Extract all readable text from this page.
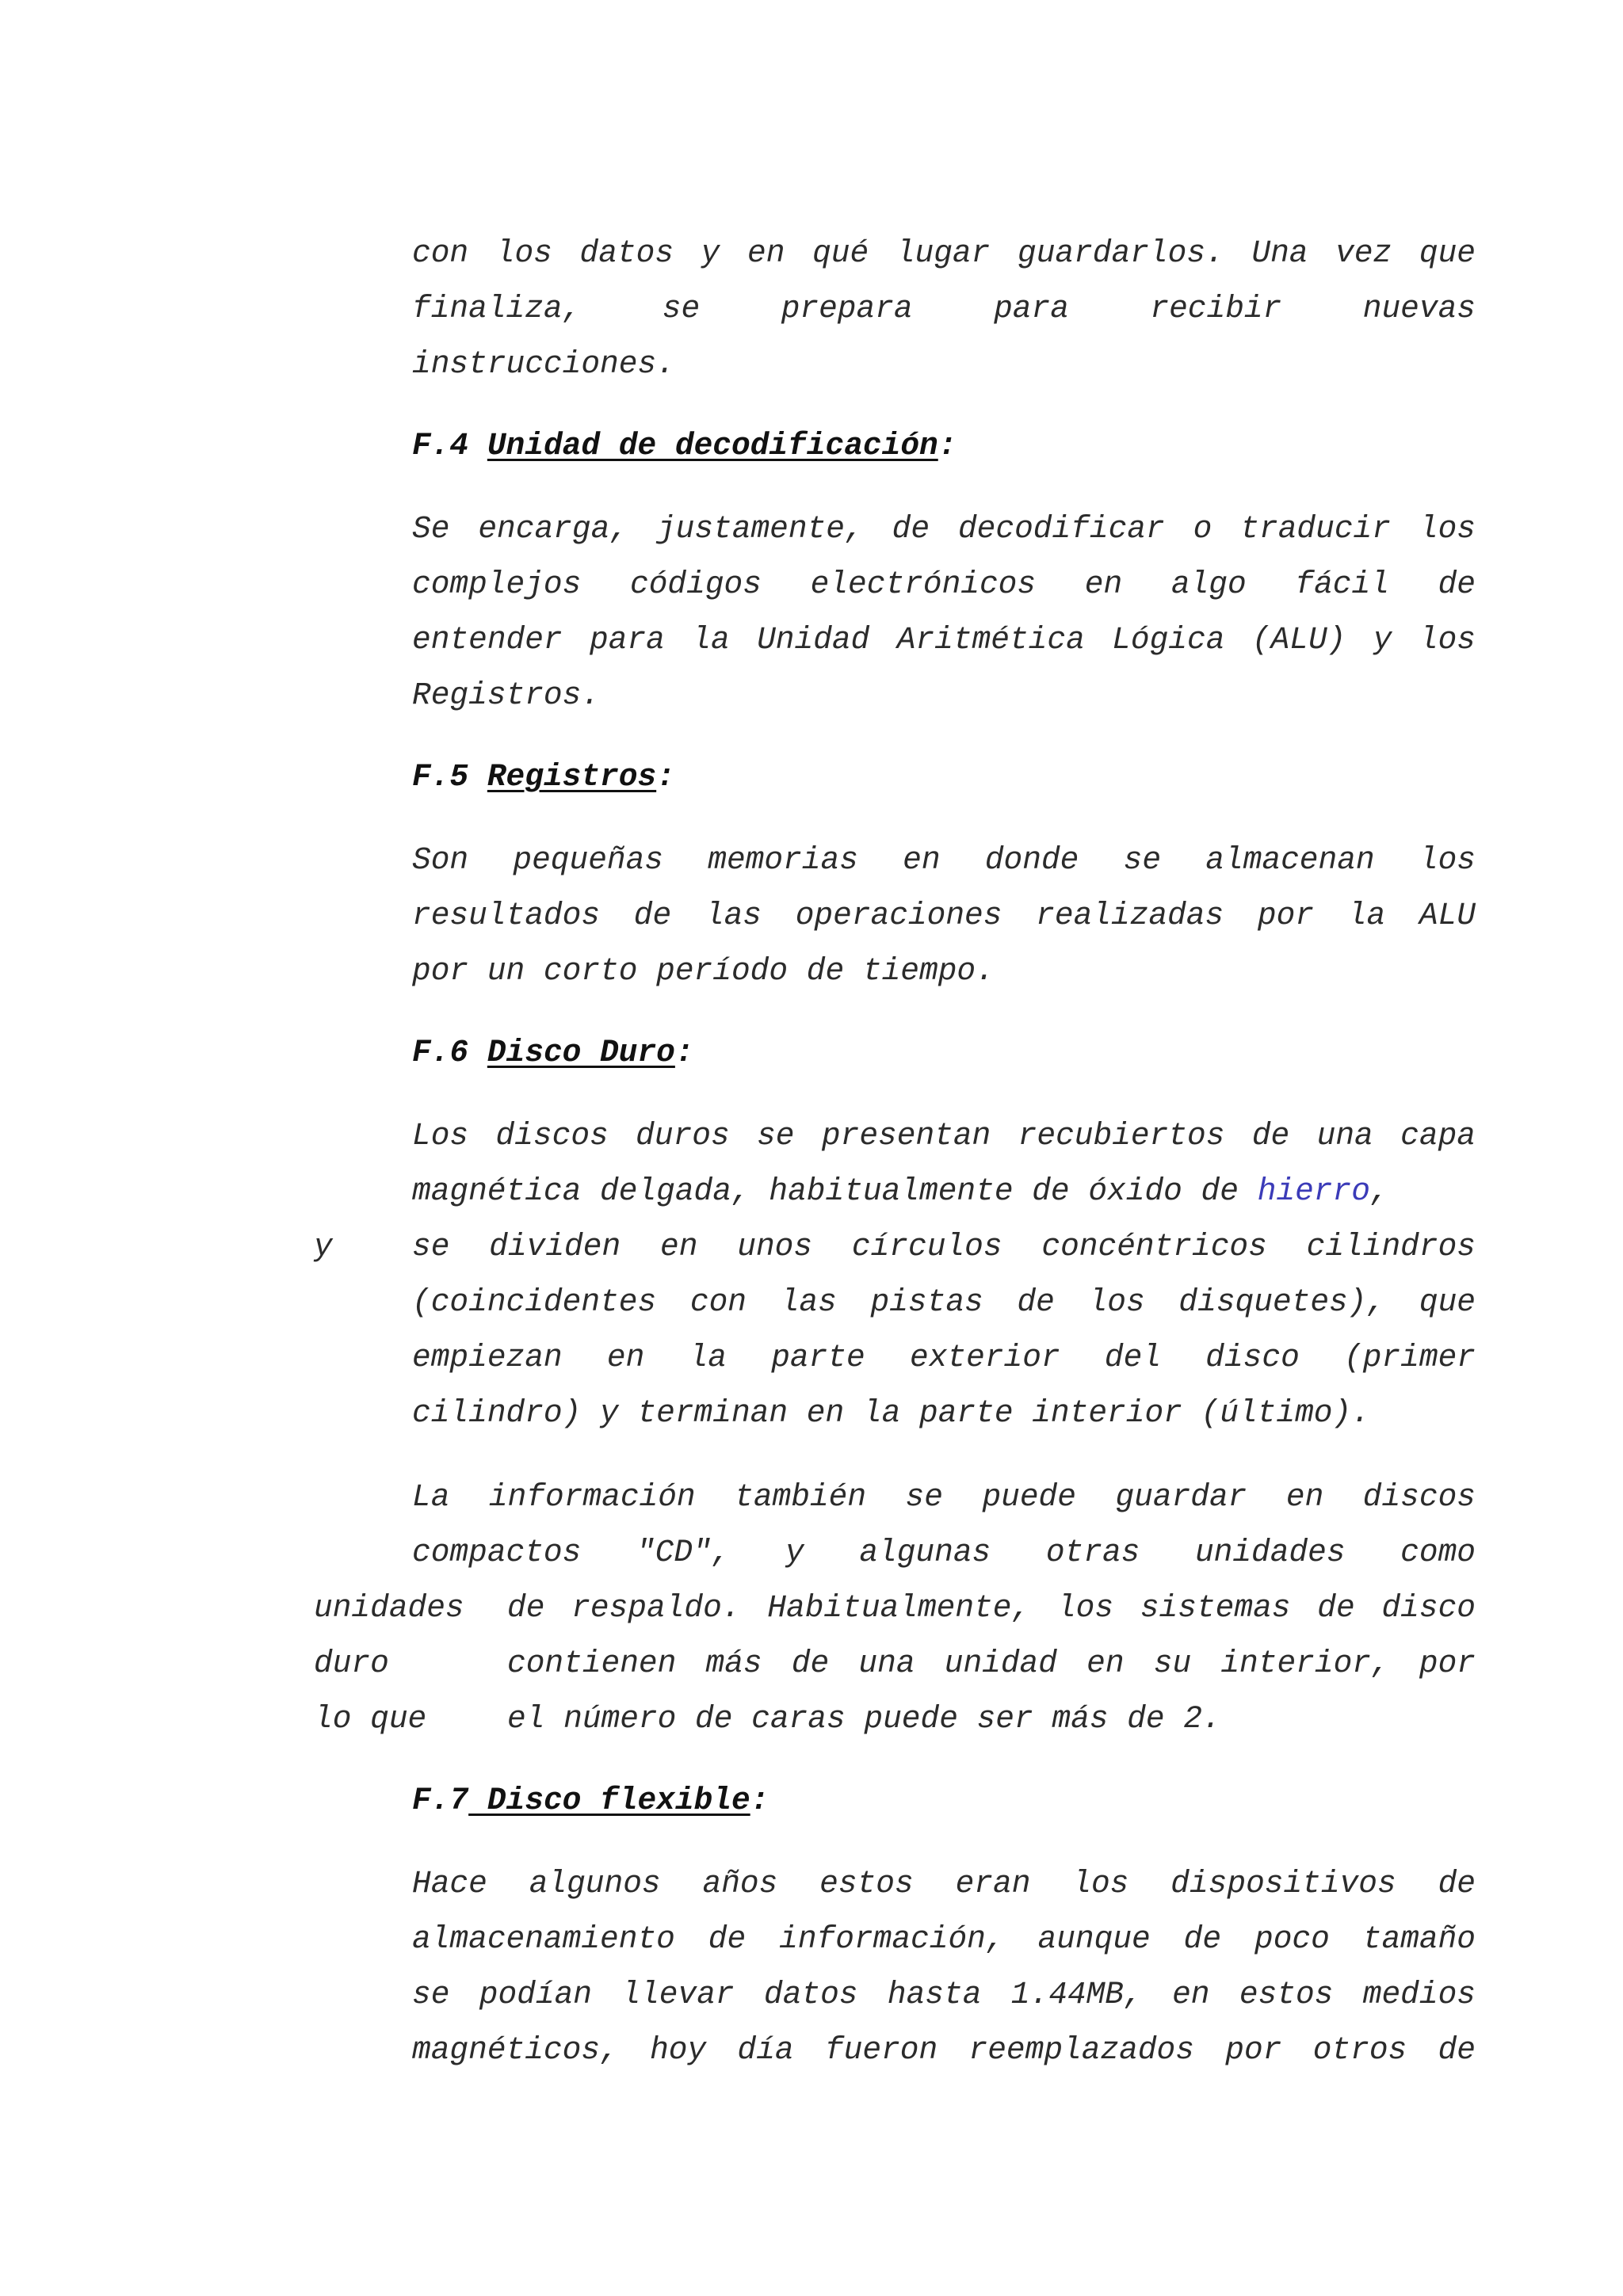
con los datos y en qué lugar guardarlos. Una vez que
finaliza, se prepara para recibir nuevas
instrucciones.
F.4 Unidad de decodificación:
Se encarga, justamente, de decodificar o traducir los
complejos códigos electrónicos en algo fácil de
entender para la Unidad Aritmética Lógica (ALU) y los
Registros.
F.5 Registros:
Son pequeñas memorias en donde se almacenan los
resultados de las operaciones realizadas por la ALU
por un corto período de tiempo.
F.6 Disco Duro:
Los discos duros se presentan recubiertos de una capa
magnética delgada, habitualmente de óxido de hierro,
y	se dividen en unos círculos concéntricos cilindros
(coincidentes con las pistas de los disquetes), que
empiezan en la parte exterior del disco (primer
cilindro) y terminan en la parte interior (último).
La información también se puede guardar en discos
compactos "CD", y algunas otras unidades como
unidades de respaldo. Habitualmente, los sistemas de disco
duro	contienen más de una unidad en su interior, por
lo que	el número de caras puede ser más de 2.
F.7 Disco flexible:
Hace algunos años estos eran los dispositivos de
almacenamiento de información, aunque de poco tamaño
se podían llevar datos hasta 1.44MB, en estos medios
magnéticos, hoy día fueron reemplazados por otros de
